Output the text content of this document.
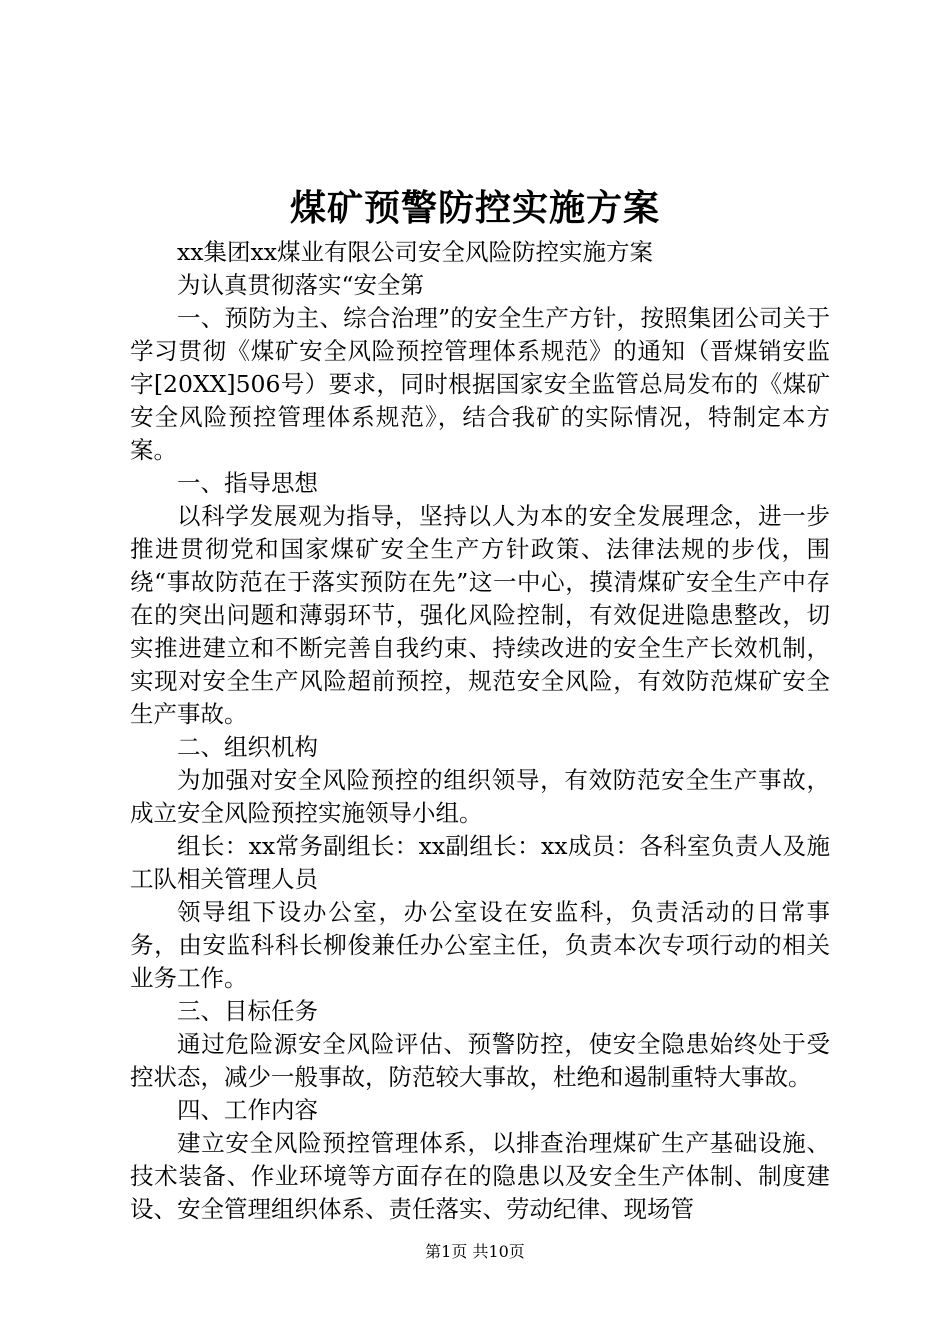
煤矿预警防控实施方案

xx集团xx煤业有限公司安全风险防控实施方案

为认真贯彻落实“安全第

一、预防为主、综合治理”的安全生产方针，按照集团公司关于学习贯彻《煤矿安全风险预控管理体系规范》的通知（晋煤销安监字[20XX]506号）要求，同时根据国家安全监管总局发布的《煤矿安全风险预控管理体系规范》，结合我矿的实际情况，特制定本方案。

一、指导思想

以科学发展观为指导，坚持以人为本的安全发展理念，进一步推进贯彻党和国家煤矿安全生产方针政策、法律法规的步伐，围绕“事故防范在于落实预防在先”这一中心，摸清煤矿安全生产中存在的突出问题和薄弱环节，强化风险控制，有效促进隐患整改，切实推进建立和不断完善自我约束、持续改进的安全生产长效机制，实现对安全生产风险超前预控，规范安全风险，有效防范煤矿安全生产事故。

二、组织机构

为加强对安全风险预控的组织领导，有效防范安全生产事故，成立安全风险预控实施领导小组。

组长：xx常务副组长：xx副组长：xx成员：各科室负责人及施工队相关管理人员

领导组下设办公室，办公室设在安监科，负责活动的日常事务，由安监科科长柳俊兼任办公室主任，负责本次专项行动的相关业务工作。

三、目标任务

通过危险源安全风险评估、预警防控，使安全隐患始终处于受控状态，减少一般事故，防范较大事故，杜绝和遏制重特大事故。

四、工作内容

建立安全风险预控管理体系，以排查治理煤矿生产基础设施、技术装备、作业环境等方面存在的隐患以及安全生产体制、制度建设、安全管理组织体系、责任落实、劳动纪律、现场管

第1页 共10页
